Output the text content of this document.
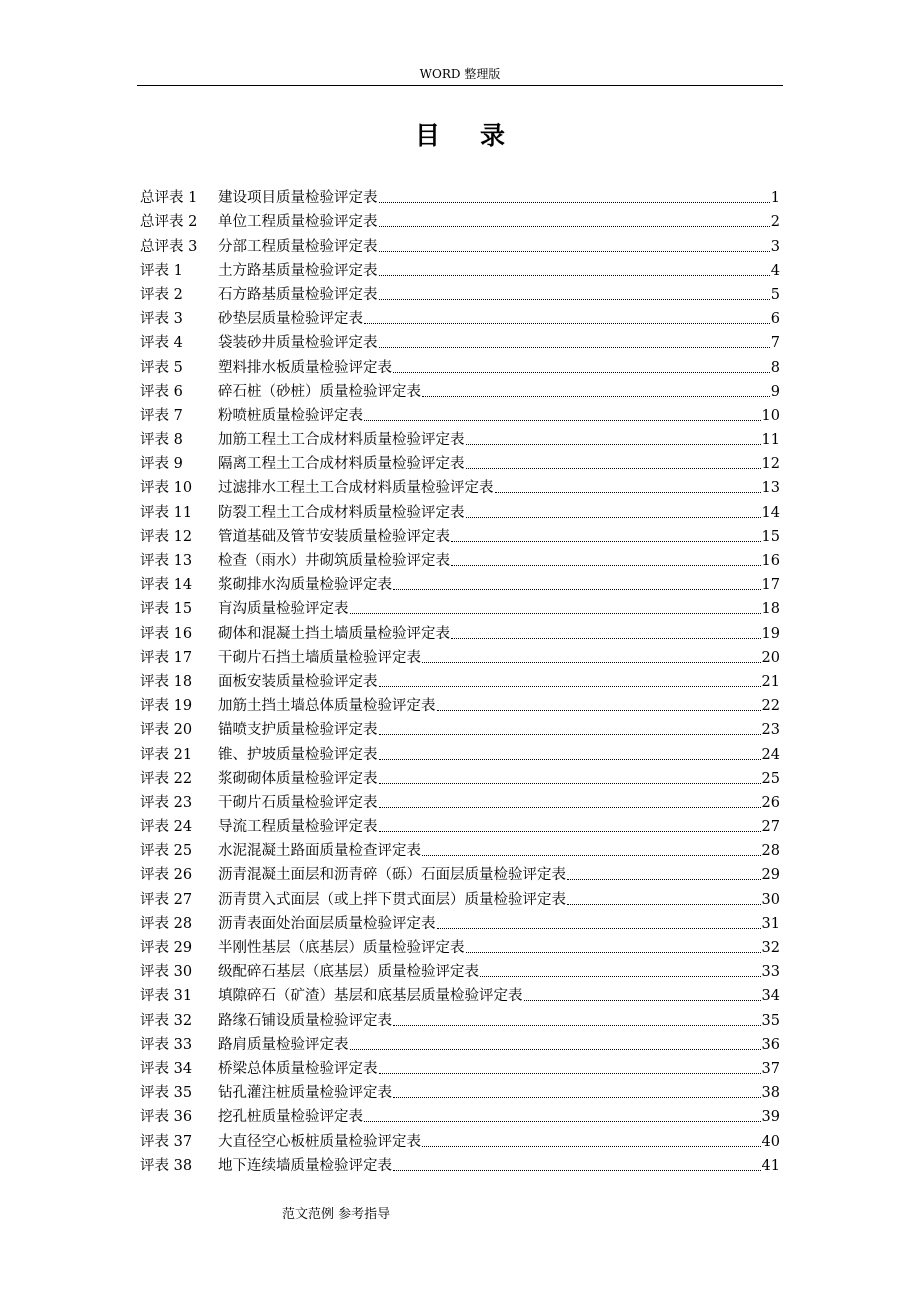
WORD 整理版
目录
总评表 1	建设项目质量检验评定表	1
总评表 2	单位工程质量检验评定表	2
总评表 3	分部工程质量检验评定表	3
评表 1	土方路基质量检验评定表	4
评表 2	石方路基质量检验评定表	5
评表 3	砂垫层质量检验评定表	6
评表 4	袋装砂井质量检验评定表	7
评表 5	塑料排水板质量检验评定表	8
评表 6	碎石桩（砂桩）质量检验评定表	9
评表 7	粉喷桩质量检验评定表	10
评表 8	加筋工程土工合成材料质量检验评定表	11
评表 9	隔离工程土工合成材料质量检验评定表	12
评表 10	过滤排水工程土工合成材料质量检验评定表	13
评表 11	防裂工程土工合成材料质量检验评定表	14
评表 12	管道基础及管节安装质量检验评定表	15
评表 13	检查（雨水）井砌筑质量检验评定表	16
评表 14	浆砌排水沟质量检验评定表	17
评表 15	肓沟质量检验评定表	18
评表 16	砌体和混凝土挡土墙质量检验评定表	19
评表 17	干砌片石挡土墙质量检验评定表	20
评表 18	面板安装质量检验评定表	21
评表 19	加筋土挡土墙总体质量检验评定表	22
评表 20	锚喷支护质量检验评定表	23
评表 21	锥、护坡质量检验评定表	24
评表 22	浆砌砌体质量检验评定表	25
评表 23	干砌片石质量检验评定表	26
评表 24	导流工程质量检验评定表	27
评表 25	水泥混凝土路面质量检查评定表	28
评表 26	沥青混凝土面层和沥青碎（砾）石面层质量检验评定表	29
评表 27	沥青贯入式面层（或上拌下贯式面层）质量检验评定表	30
评表 28	沥青表面处治面层质量检验评定表	31
评表 29	半刚性基层（底基层）质量检验评定表	32
评表 30	级配碎石基层（底基层）质量检验评定表	33
评表 31	填隙碎石（矿渣）基层和底基层质量检验评定表	34
评表 32	路缘石铺设质量检验评定表	35
评表 33	路肩质量检验评定表	36
评表 34	桥梁总体质量检验评定表	37
评表 35	钻孔灌注桩质量检验评定表	38
评表 36	挖孔桩质量检验评定表	39
评表 37	大直径空心板桩质量检验评定表	40
评表 38	地下连续墙质量检验评定表	41
范文范例 参考指导
